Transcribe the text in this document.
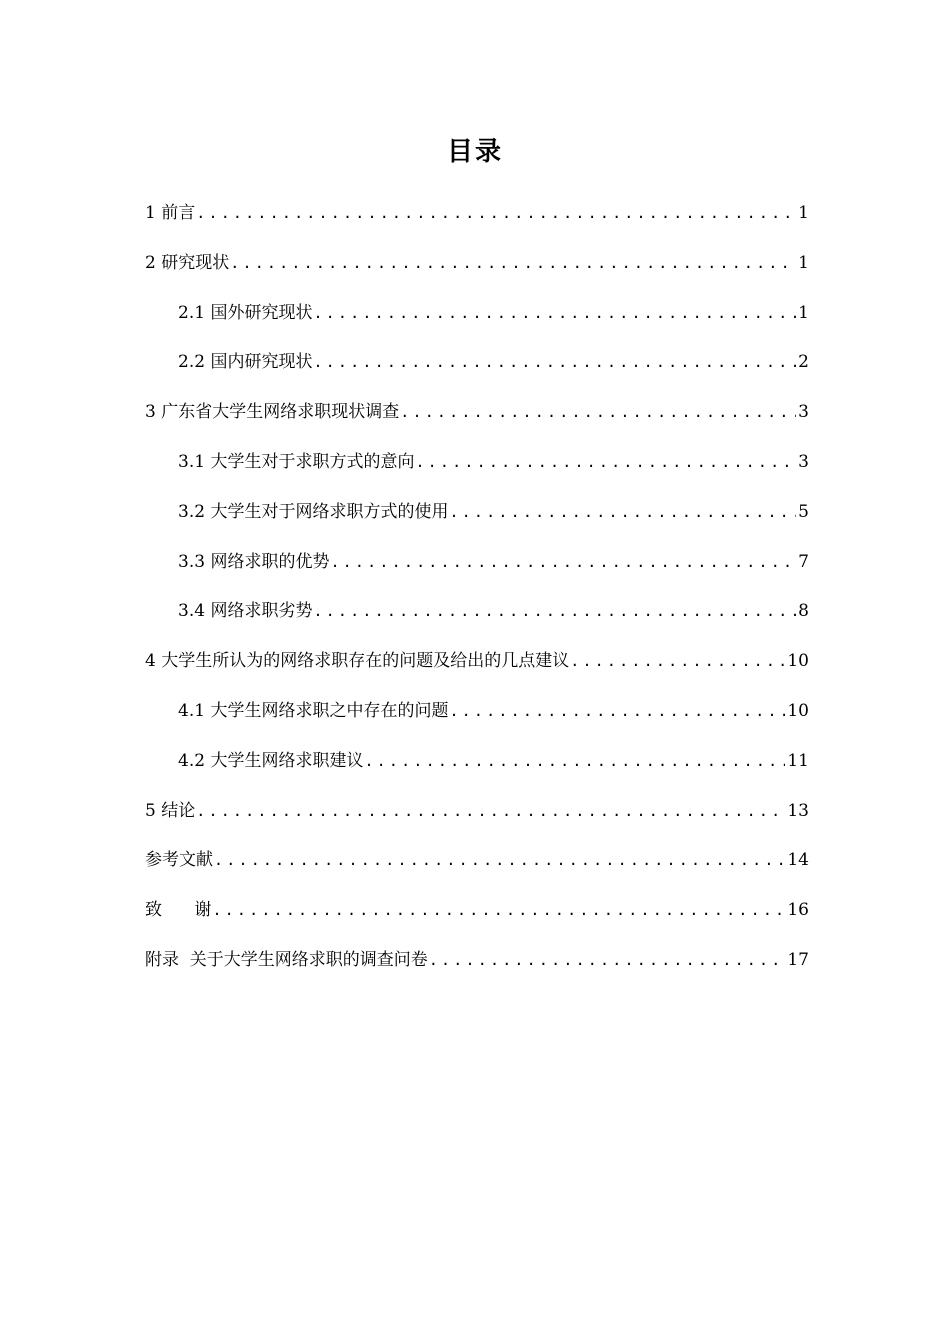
目录
1 前言 .....	1
2 研究现状 .....	1
2.1 国外研究现状 .....	1
2.2 国内研究现状 .....	2
3 广东省大学生网络求职现状调查 .....	3
3.1 大学生对于求职方式的意向 .....	3
3.2 大学生对于网络求职方式的使用 .....	5
3.3 网络求职的优势 .....	7
3.4 网络求职劣势 .....	8
4 大学生所认为的网络求职存在的问题及给出的几点建议 .....	10
4.1 大学生网络求职之中存在的问题 .....	10
4.2 大学生网络求职建议 .....	11
5 结论 .....	13
参考文献 .....	14
致      谢 .....	16
附录  关于大学生网络求职的调查问卷 .....	17
